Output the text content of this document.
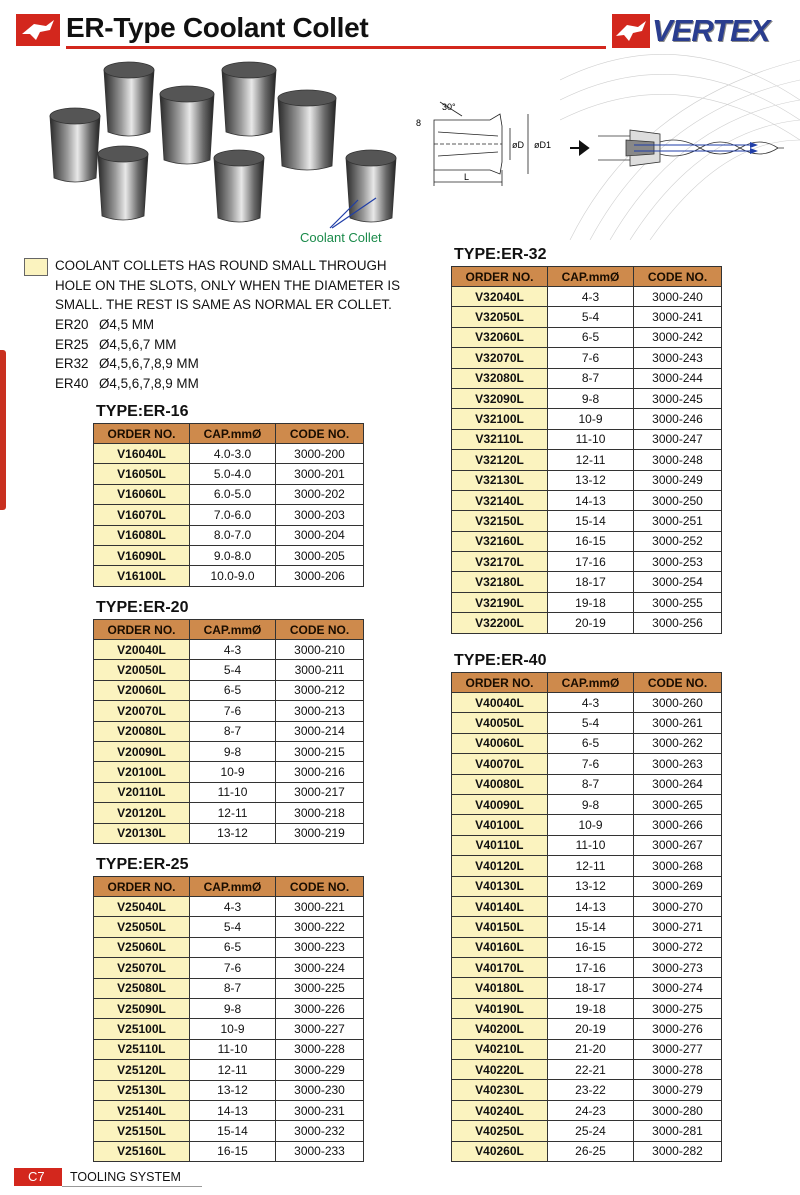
ER-Type Coolant Collet	VERTEX
Coolant Collet
30°
8
L
øD øD1
COOLANT COLLETS HAS ROUND SMALL THROUGH
HOLE ON THE SLOTS, ONLY WHEN THE DIAMETER IS
SMALL. THE REST IS SAME AS NORMAL ER COLLET.
ER20 Ø4,5 MM
ER25 Ø4,5,6,7 MM
ER32 Ø4,5,6,7,8,9 MM
ER40 Ø4,5,6,7,8,9 MM
TYPE:ER-16
ORDER NO.	CAP.mmØ	CODE NO.
V16040L	4.0-3.0	3000-200
V16050L	5.0-4.0	3000-201
V16060L	6.0-5.0	3000-202
V16070L	7.0-6.0	3000-203
V16080L	8.0-7.0	3000-204
V16090L	9.0-8.0	3000-205
V16100L	10.0-9.0	3000-206
TYPE:ER-20
ORDER NO.	CAP.mmØ	CODE NO.
V20040L	4-3	3000-210
V20050L	5-4	3000-211
V20060L	6-5	3000-212
V20070L	7-6	3000-213
V20080L	8-7	3000-214
V20090L	9-8	3000-215
V20100L	10-9	3000-216
V20110L	11-10	3000-217
V20120L	12-11	3000-218
V20130L	13-12	3000-219
TYPE:ER-25
ORDER NO.	CAP.mmØ	CODE NO.
V25040L	4-3	3000-221
V25050L	5-4	3000-222
V25060L	6-5	3000-223
V25070L	7-6	3000-224
V25080L	8-7	3000-225
V25090L	9-8	3000-226
V25100L	10-9	3000-227
V25110L	11-10	3000-228
V25120L	12-11	3000-229
V25130L	13-12	3000-230
V25140L	14-13	3000-231
V25150L	15-14	3000-232
V25160L	16-15	3000-233
TYPE:ER-32
ORDER NO.	CAP.mmØ	CODE NO.
V32040L	4-3	3000-240
V32050L	5-4	3000-241
V32060L	6-5	3000-242
V32070L	7-6	3000-243
V32080L	8-7	3000-244
V32090L	9-8	3000-245
V32100L	10-9	3000-246
V32110L	11-10	3000-247
V32120L	12-11	3000-248
V32130L	13-12	3000-249
V32140L	14-13	3000-250
V32150L	15-14	3000-251
V32160L	16-15	3000-252
V32170L	17-16	3000-253
V32180L	18-17	3000-254
V32190L	19-18	3000-255
V32200L	20-19	3000-256
TYPE:ER-40
ORDER NO.	CAP.mmØ	CODE NO.
V40040L	4-3	3000-260
V40050L	5-4	3000-261
V40060L	6-5	3000-262
V40070L	7-6	3000-263
V40080L	8-7	3000-264
V40090L	9-8	3000-265
V40100L	10-9	3000-266
V40110L	11-10	3000-267
V40120L	12-11	3000-268
V40130L	13-12	3000-269
V40140L	14-13	3000-270
V40150L	15-14	3000-271
V40160L	16-15	3000-272
V40170L	17-16	3000-273
V40180L	18-17	3000-274
V40190L	19-18	3000-275
V40200L	20-19	3000-276
V40210L	21-20	3000-277
V40220L	22-21	3000-278
V40230L	23-22	3000-279
V40240L	24-23	3000-280
V40250L	25-24	3000-281
V40260L	26-25	3000-282
C7	TOOLING SYSTEM
